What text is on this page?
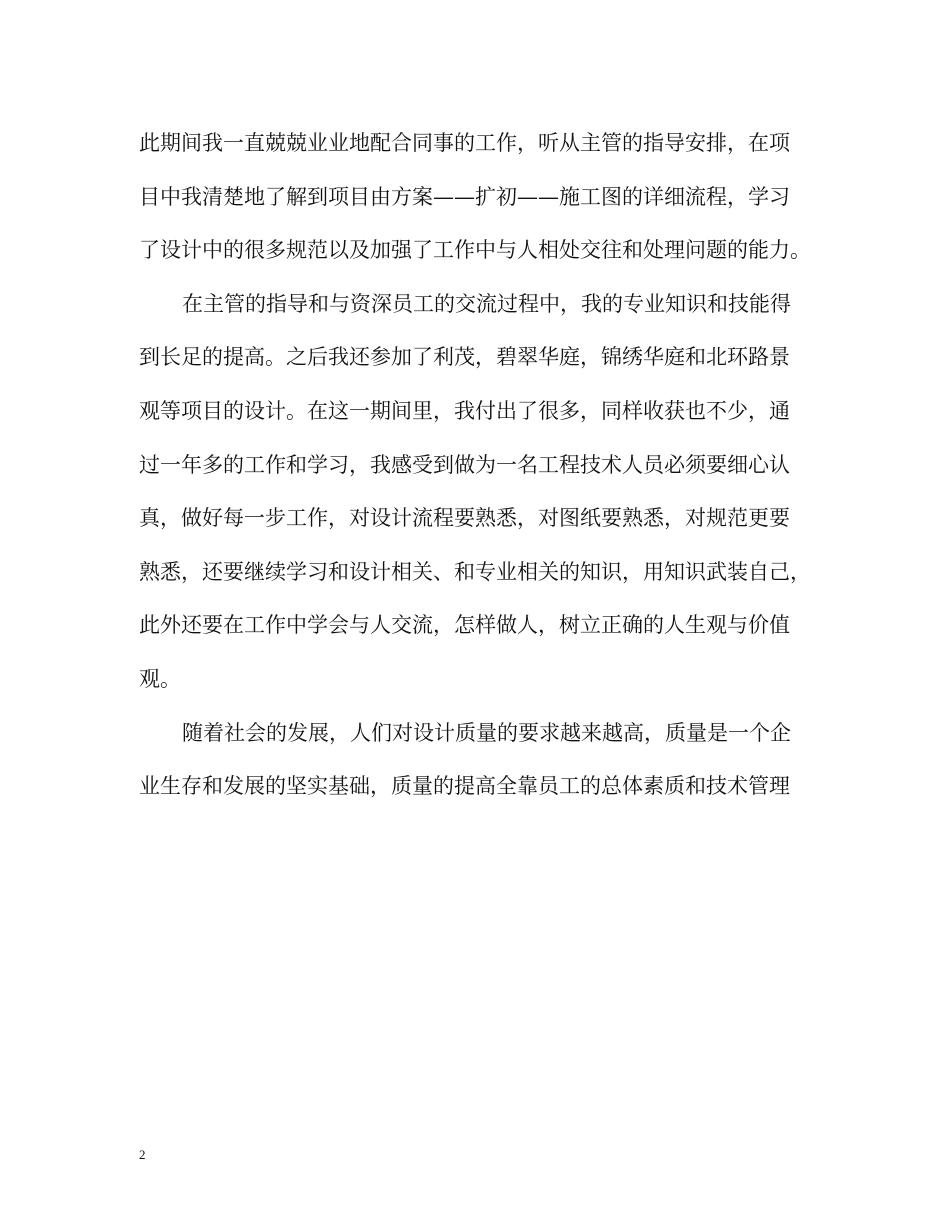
此期间我一直兢兢业业地配合同事的工作，听从主管的指导安排，在项
目中我清楚地了解到项目由方案——扩初——施工图的详细流程，学习
了设计中的很多规范以及加强了工作中与人相处交往和处理问题的能力。
在主管的指导和与资深员工的交流过程中，我的专业知识和技能得
到长足的提高。之后我还参加了利茂，碧翠华庭，锦绣华庭和北环路景
观等项目的设计。在这一期间里，我付出了很多，同样收获也不少，通
过一年多的工作和学习，我感受到做为一名工程技术人员必须要细心认
真，做好每一步工作，对设计流程要熟悉，对图纸要熟悉，对规范更要
熟悉，还要继续学习和设计相关、和专业相关的知识，用知识武装自己，
此外还要在工作中学会与人交流，怎样做人，树立正确的人生观与价值
观。
随着社会的发展，人们对设计质量的要求越来越高，质量是一个企
业生存和发展的坚实基础，质量的提高全靠员工的总体素质和技术管理
2
